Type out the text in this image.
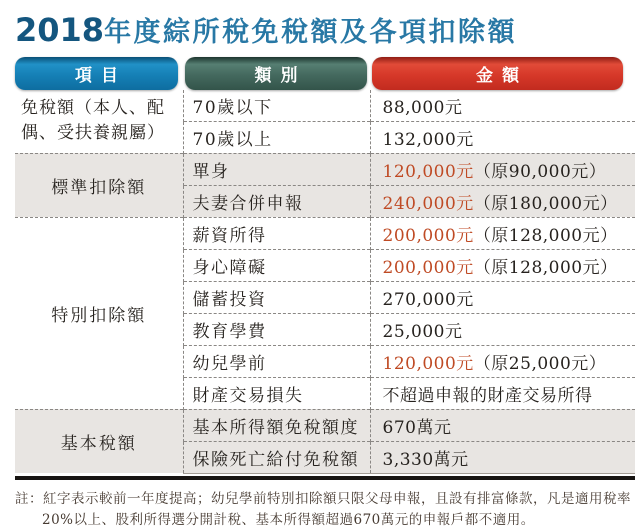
2018年度綜所稅免稅額及各項扣除額
項目	類別	金額
免稅額（本人、配偶、受扶養親屬）	70歲以下	88,000元
	70歲以上	132,000元
標準扣除額	單身	120,000元（原90,000元）
	夫妻合併申報	240,000元（原180,000元）
特別扣除額	薪資所得	200,000元（原128,000元）
	身心障礙	200,000元（原128,000元）
	儲蓄投資	270,000元
	教育學費	25,000元
	幼兒學前	120,000元（原25,000元）
	財產交易損失	不超過申報的財產交易所得
基本稅額	基本所得額免稅額度	670萬元
	保險死亡給付免稅額	3,330萬元
註：紅字表示較前一年度提高；幼兒學前特別扣除額只限父母申報，且設有排富條款，凡是適用稅率20%以上、股利所得選分開計稅、基本所得額超過670萬元的申報戶都不適用。
